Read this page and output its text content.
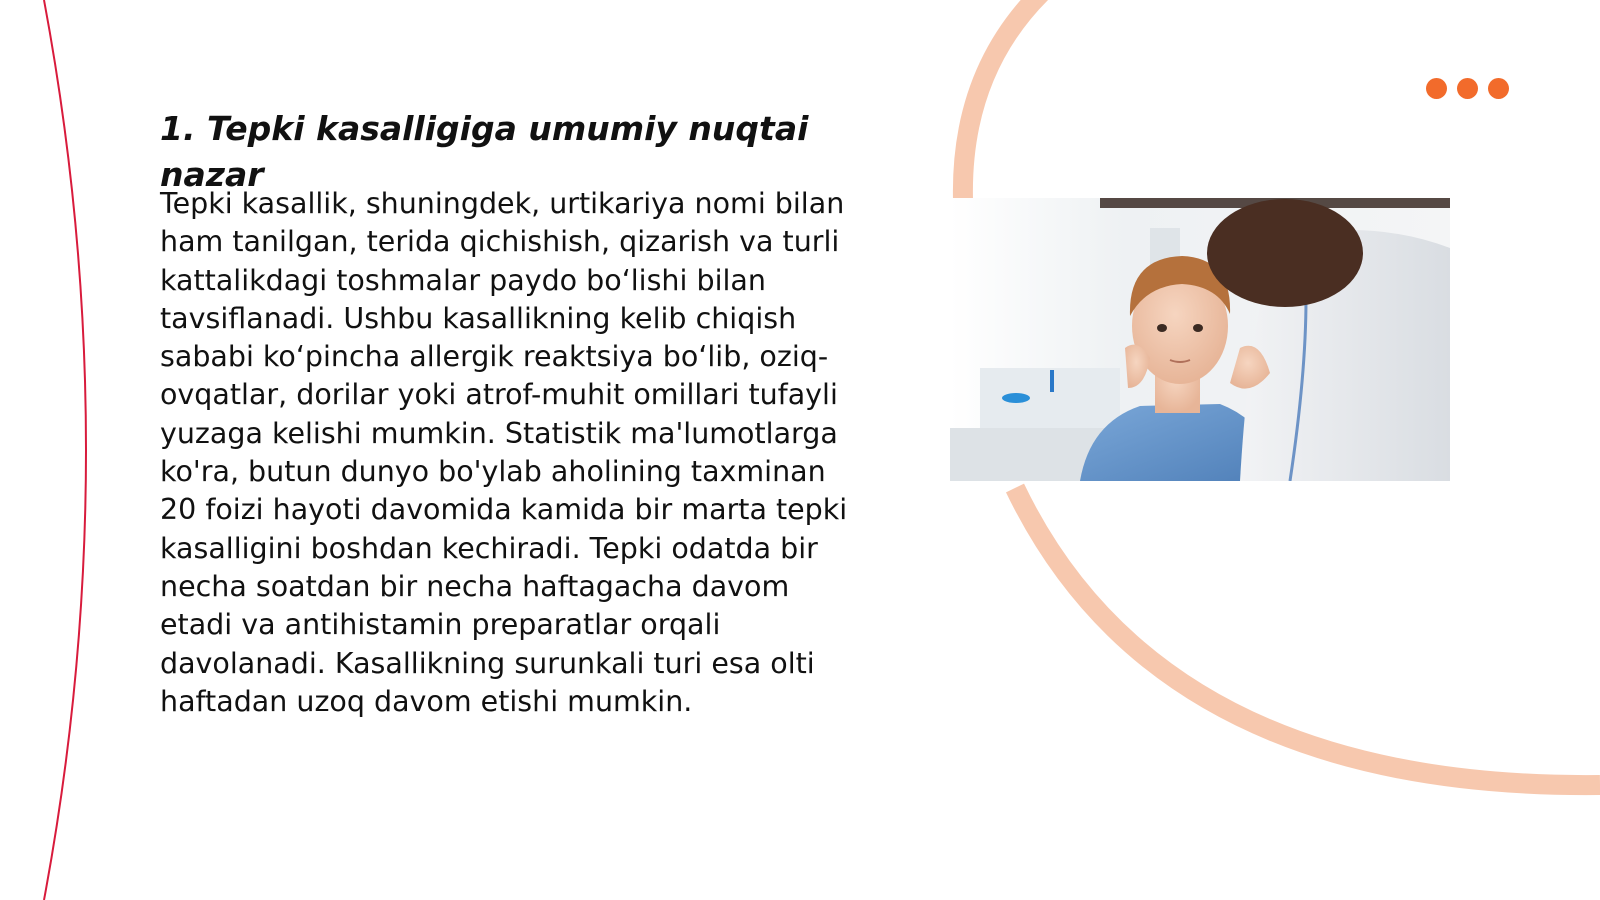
1. Tepki kasalligiga umumiy nuqtai nazar

Tepki kasallik, shuningdek, urtikariya nomi bilan ham tanilgan, terida qichishish, qizarish va turli kattalikdagi toshmalar paydo bo‘lishi bilan tavsiflanadi. Ushbu kasallikning kelib chiqish sababi ko‘pincha allergik reaktsiya bo‘lib, oziq-ovqatlar, dorilar yoki atrof-muhit omillari tufayli yuzaga kelishi mumkin. Statistik ma'lumotlarga ko'ra, butun dunyo bo'ylab aholining taxminan 20 foizi hayoti davomida kamida bir marta tepki kasalligini boshdan kechiradi. Tepki odatda bir necha soatdan bir necha haftagacha davom etadi va antihistamin preparatlar orqali davolanadi. Kasallikning surunkali turi esa olti haftadan uzoq davom etishi mumkin.
